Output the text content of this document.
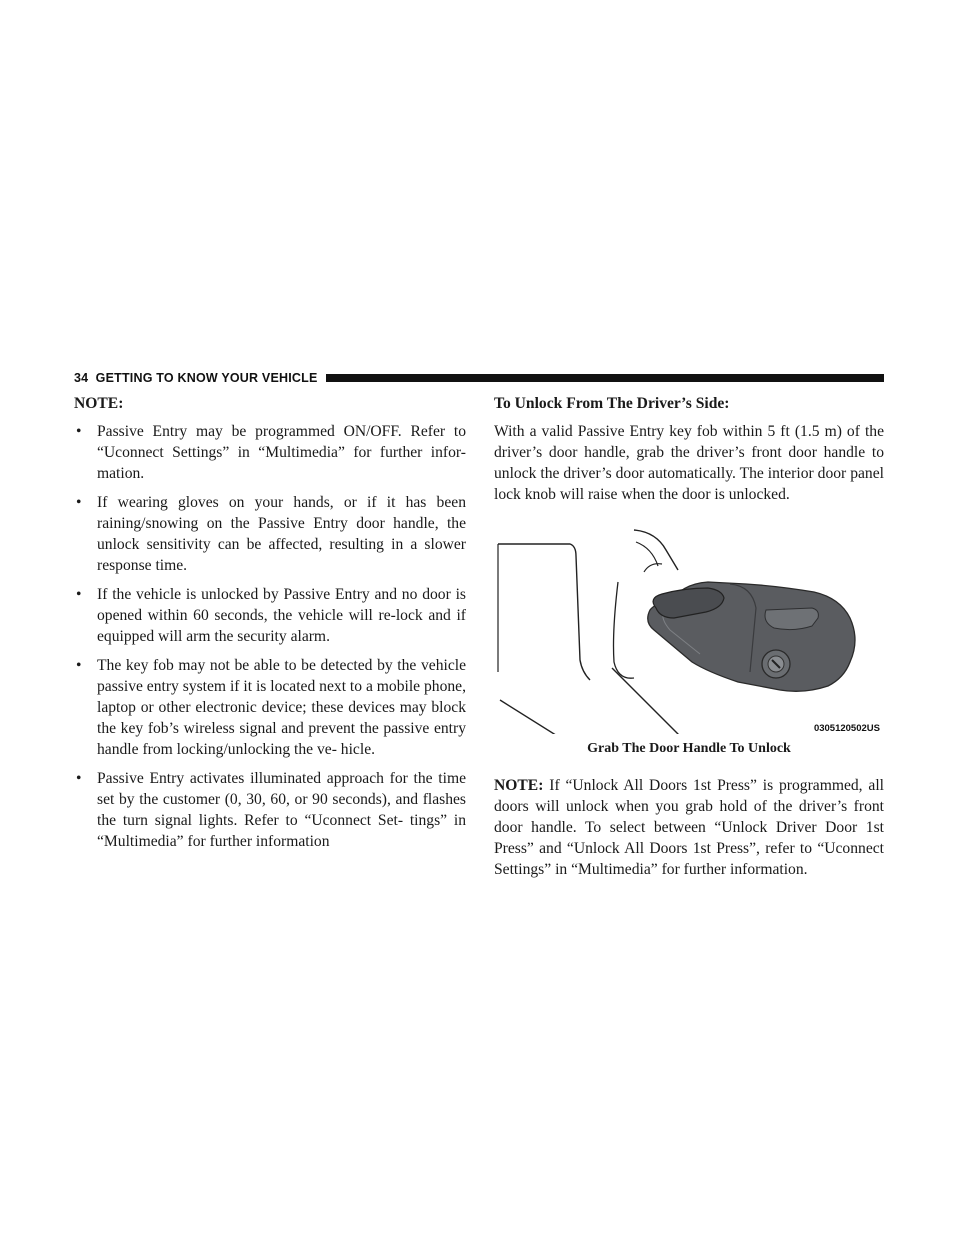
34 GETTING TO KNOW YOUR VEHICLE
NOTE:
• Passive Entry may be programmed ON/OFF. Refer to “Uconnect Settings” in “Multimedia” for further infor- mation.
• If wearing gloves on your hands, or if it has been raining/snowing on the Passive Entry door handle, the unlock sensitivity can be affected, resulting in a slower response time.
• If the vehicle is unlocked by Passive Entry and no door is opened within 60 seconds, the vehicle will re-lock and if equipped will arm the security alarm.
• The key fob may not be able to be detected by the vehicle passive entry system if it is located next to a mobile phone, laptop or other electronic device; these devices may block the key fob’s wireless signal and prevent the passive entry handle from locking/unlocking the ve- hicle.
• Passive Entry activates illuminated approach for the time set by the customer (0, 30, 60, or 90 seconds), and flashes the turn signal lights. Refer to “Uconnect Set- tings” in “Multimedia” for further information
To Unlock From The Driver’s Side:

With a valid Passive Entry key fob within 5 ft (1.5 m) of the driver’s door handle, grab the driver’s front door handle to unlock the driver’s door automatically. The interior door panel lock knob will raise when the door is unlocked.

0305120502US
Grab The Door Handle To Unlock

NOTE: If “Unlock All Doors 1st Press” is programmed, all doors will unlock when you grab hold of the driver’s front door handle. To select between “Unlock Driver Door 1st Press” and “Unlock All Doors 1st Press”, refer to “Uconnect Settings” in “Multimedia” for further information.
